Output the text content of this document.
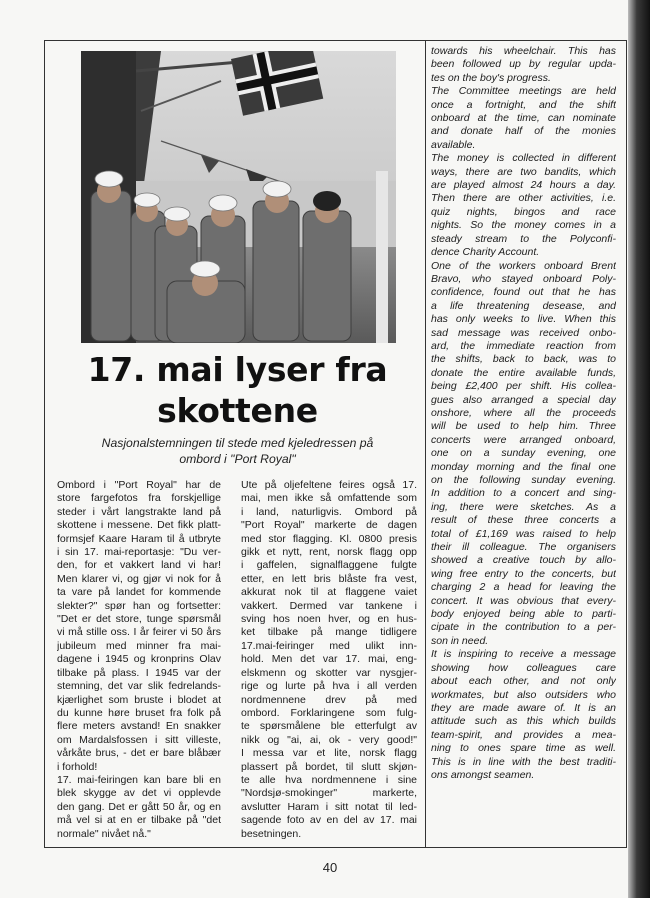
17. mai lyser fra
skottene
Nasjonalstemningen til stede med kjeledressen på
ombord i "Port Royal"
Ombord i "Port Royal" har de
store fargefotos fra forskjellige
steder i vårt langstrakte land på
skottene i messene. Det fikk platt-
formsjef Kaare Haram til å utbryte
i sin 17. mai-reportasje: "Du ver-
den, for et vakkert land vi har!
Men klarer vi, og gjør vi nok for å
ta vare på landet for kommende
slekter?" spør han og fortsetter:
"Det er det store, tunge spørsmål
vi må stille oss. I år feirer vi 50 års
jubileum med minner fra mai-
dagene i 1945 og kronprins Olav
tilbake på plass. I 1945 var der
stemning, det var slik fedrelands-
kjærlighet som bruste i blodet at
du kunne høre bruset fra folk på
flere meters avstand! En snakker
om Mardalsfossen i sitt villeste,
vårkåte brus, - det er bare blåbær
i forhold!
17. mai-feiringen kan bare bli en
blek skygge av det vi opplevde
den gang. Det er gått 50 år, og en
må vel si at en er tilbake på "det
normale" nivået nå."
Ute på oljefeltene feires også 17.
mai, men ikke så omfattende som
i land, naturligvis. Ombord på
"Port Royal" markerte de dagen
med stor flagging. Kl. 0800 presis
gikk et nytt, rent, norsk flagg opp
i gaffelen, signalflaggene fulgte
etter, en lett bris blåste fra vest,
akkurat nok til at flaggene vaiet
vakkert. Dermed var tankene i
sving hos noen hver, og en hus-
ket tilbake på mange tidligere
17.mai-feiringer med ulikt inn-
hold. Men det var 17. mai, eng-
elskmenn og skotter var nysgjer-
rige og lurte på hva i all verden
nordmennene drev på med
ombord. Forklaringene som fulg-
te spørsmålene ble etterfulgt av
nikk og "ai, ai, ok - very good!"
I messa var et lite, norsk flagg
plassert på bordet, til slutt skjøn-
te alle hva nordmennene i sine
"Nordsjø-smokinger" markerte,
avslutter Haram i sitt notat til led-
sagende foto av en del av 17. mai
besetningen.
towards his wheelchair. This has
been followed up by regular upda-
tes on the boy's progress.
The Committee meetings are held
once a fortnight, and the shift
onboard at the time, can nominate
and donate half of the monies
available.
The money is collected in different
ways, there are two bandits, which
are played almost 24 hours a day.
Then there are other activities, i.e.
quiz nights, bingos and race
nights. So the money comes in a
steady stream to the Polyconfi-
dence Charity Account.
One of the workers onboard Brent
Bravo, who stayed onboard Poly-
confidence, found out that he has
a life threatening desease, and
has only weeks to live. When this
sad message was received onbo-
ard, the immediate reaction from
the shifts, back to back, was to
donate the entire available funds,
being £2,400 per shift. His collea-
gues also arranged a special day
onshore, where all the proceeds
will be used to help him. Three
concerts were arranged onboard,
one on a sunday evening, one
monday morning and the final one
on the following sunday evening.
In addition to a concert and sing-
ing, there were sketches. As a
result of these three concerts a
total of £1,169 was raised to help
their ill colleague. The organisers
showed a creative touch by allo-
wing free entry to the concerts, but
charging 2 a head for leaving the
concert. It was obvious that every-
body enjoyed being able to parti-
cipate in the contribution to a per-
son in need.
It is inspiring to receive a message
showing how colleagues care
about each other, and not only
workmates, but also outsiders who
they are made aware of. It is an
attitude such as this which builds
team-spirit, and provides a mea-
ning to ones spare time as well.
This is in line with the best traditi-
ons amongst seamen.
40
